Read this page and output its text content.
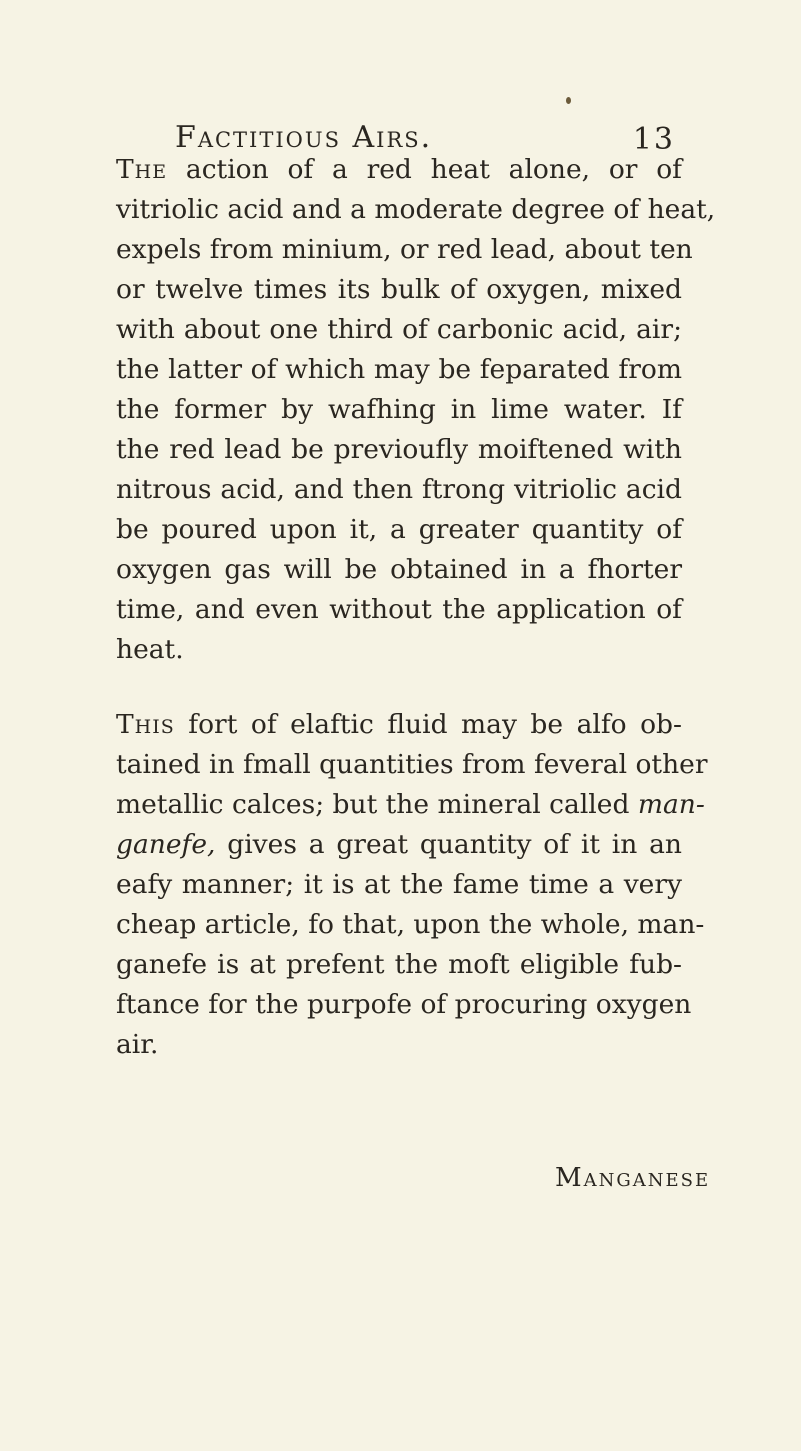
Factitious Airs.	13
The action of a red heat alone, or of
vitriolic acid and a moderate degree of heat,
expels from minium, or red lead, about ten
or twelve times its bulk of oxygen, mixed
with about one third of carbonic acid, air;
the latter of which may be feparated from
the former by wafhing in lime water. If
the red lead be previoufly moiftened with
nitrous acid, and then ftrong vitriolic acid
be poured upon it, a greater quantity of
oxygen gas will be obtained in a fhorter
time, and even without the application of
heat.
This fort of elaftic fluid may be alfo ob-
tained in fmall quantities from feveral other
metallic calces; but the mineral called man-
ganefe, gives a great quantity of it in an
eafy manner; it is at the fame time a very
cheap article, fo that, upon the whole, man-
ganefe is at prefent the moft eligible fub-
ftance for the purpofe of procuring oxygen
air.
Manganese
